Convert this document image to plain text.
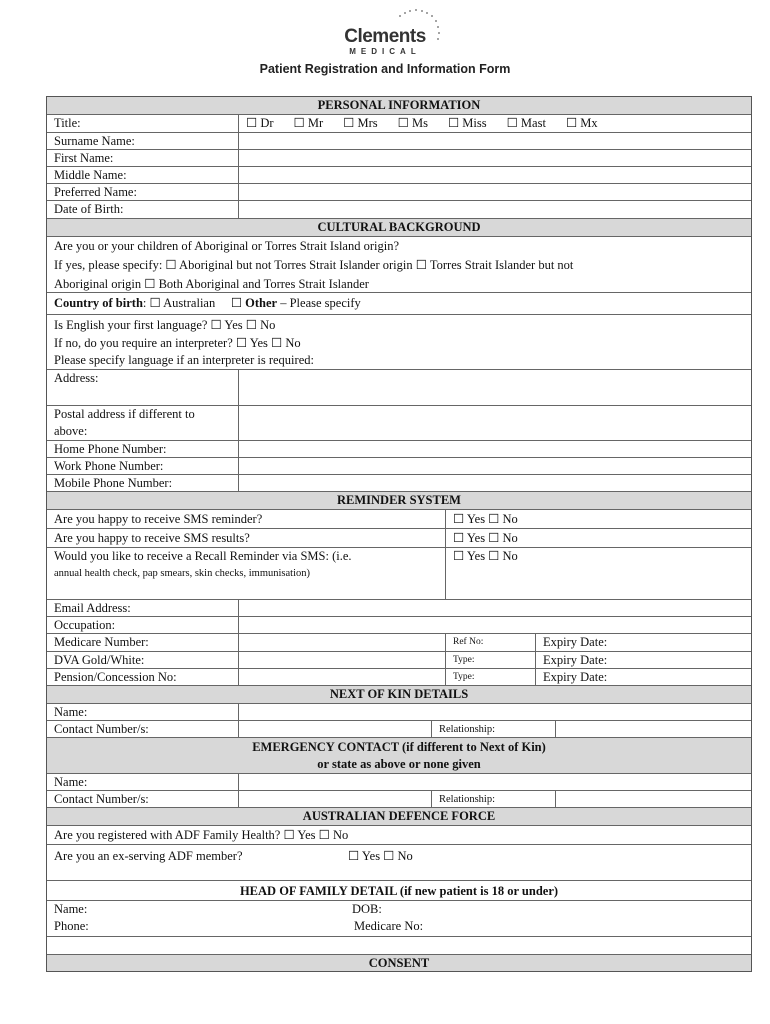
Clements
MEDICAL
Patient Registration and Information Form
PERSONAL INFORMATION
Title:	☐ Dr ☐ Mr ☐ Mrs ☐ Ms ☐ Miss ☐ Mast ☐ Mx
Surname Name:
First Name:
Middle Name:
Preferred Name:
Date of Birth:
CULTURAL BACKGROUND
Are you or your children of Aboriginal or Torres Strait Island origin?
If yes, please specify: ☐ Aboriginal but not Torres Strait Islander origin ☐ Torres Strait Islander but not
Aboriginal origin ☐ Both Aboriginal and Torres Strait Islander
Country of birth: ☐ Australian     ☐ Other – Please specify
Is English your first language? ☐ Yes ☐ No
If no, do you require an interpreter? ☐ Yes ☐ No
Please specify language if an interpreter is required:
Address:
Postal address if different to
above:
Home Phone Number:
Work Phone Number:
Mobile Phone Number:
REMINDER SYSTEM
Are you happy to receive SMS reminder?	☐ Yes ☐ No
Are you happy to receive SMS results?	☐ Yes ☐ No
Would you like to receive a Recall Reminder via SMS: (i.e.
annual health check, pap smears, skin checks, immunisation)
☐ Yes ☐ No
Email Address:
Occupation:
Medicare Number:	Ref No:	Expiry Date:
DVA Gold/White:	Type:	Expiry Date:
Pension/Concession No:	Type:	Expiry Date:
NEXT OF KIN DETAILS
Name:
Contact Number/s:	Relationship:
EMERGENCY CONTACT (if different to Next of Kin)
or state as above or none given
Name:
Contact Number/s:	Relationship:
AUSTRALIAN DEFENCE FORCE
Are you registered with ADF Family Health? ☐ Yes ☐ No
Are you an ex-serving ADF member?	☐ Yes ☐ No
HEAD OF FAMILY DETAIL (if new patient is 18 or under)
Name:	DOB:
Phone:	Medicare No:
CONSENT
